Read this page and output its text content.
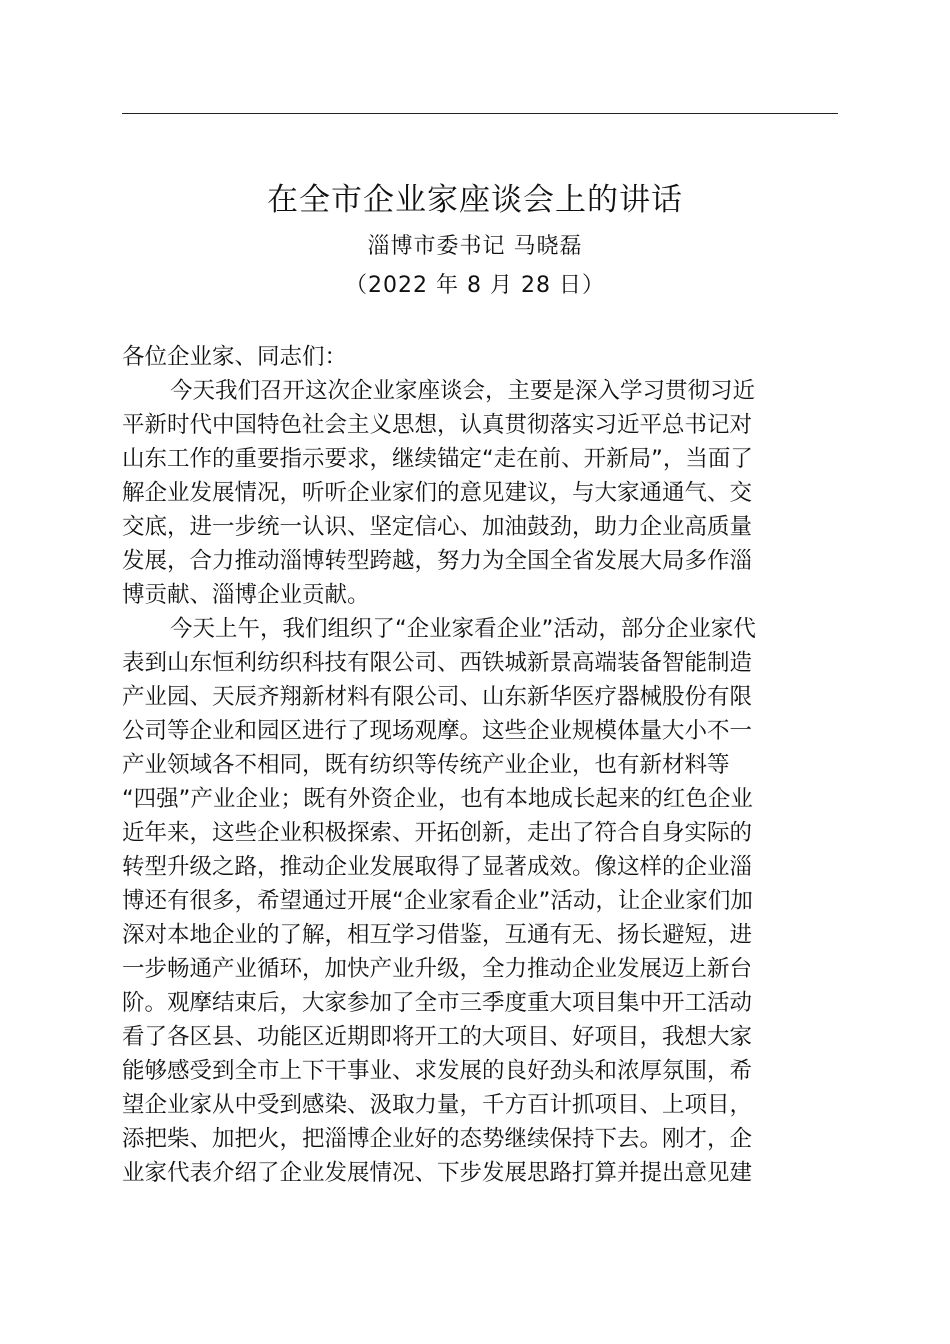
在全市企业家座谈会上的讲话
淄博市委书记 马晓磊
（2022 年 8 月 28 日）
各位企业家、同志们：
今天我们召开这次企业家座谈会，主要是深入学习贯彻习近
平新时代中国特色社会主义思想，认真贯彻落实习近平总书记对
山东工作的重要指示要求，继续锚定“走在前、开新局”，当面了
解企业发展情况，听听企业家们的意见建议，与大家通通气、交
交底，进一步统一认识、坚定信心、加油鼓劲，助力企业高质量
发展，合力推动淄博转型跨越，努力为全国全省发展大局多作淄
博贡献、淄博企业贡献。
今天上午，我们组织了“企业家看企业”活动，部分企业家代
表到山东恒利纺织科技有限公司、西铁城新景高端装备智能制造
产业园、天辰齐翔新材料有限公司、山东新华医疗器械股份有限
公司等企业和园区进行了现场观摩。这些企业规模体量大小不一
产业领域各不相同，既有纺织等传统产业企业，也有新材料等
“四强”产业企业；既有外资企业，也有本地成长起来的红色企业
近年来，这些企业积极探索、开拓创新，走出了符合自身实际的
转型升级之路，推动企业发展取得了显著成效。像这样的企业淄
博还有很多，希望通过开展“企业家看企业”活动，让企业家们加
深对本地企业的了解，相互学习借鉴，互通有无、扬长避短，进
一步畅通产业循环，加快产业升级，全力推动企业发展迈上新台
阶。观摩结束后，大家参加了全市三季度重大项目集中开工活动
看了各区县、功能区近期即将开工的大项目、好项目，我想大家
能够感受到全市上下干事业、求发展的良好劲头和浓厚氛围，希
望企业家从中受到感染、汲取力量，千方百计抓项目、上项目，
添把柴、加把火，把淄博企业好的态势继续保持下去。刚才，企
业家代表介绍了企业发展情况、下步发展思路打算并提出意见建
